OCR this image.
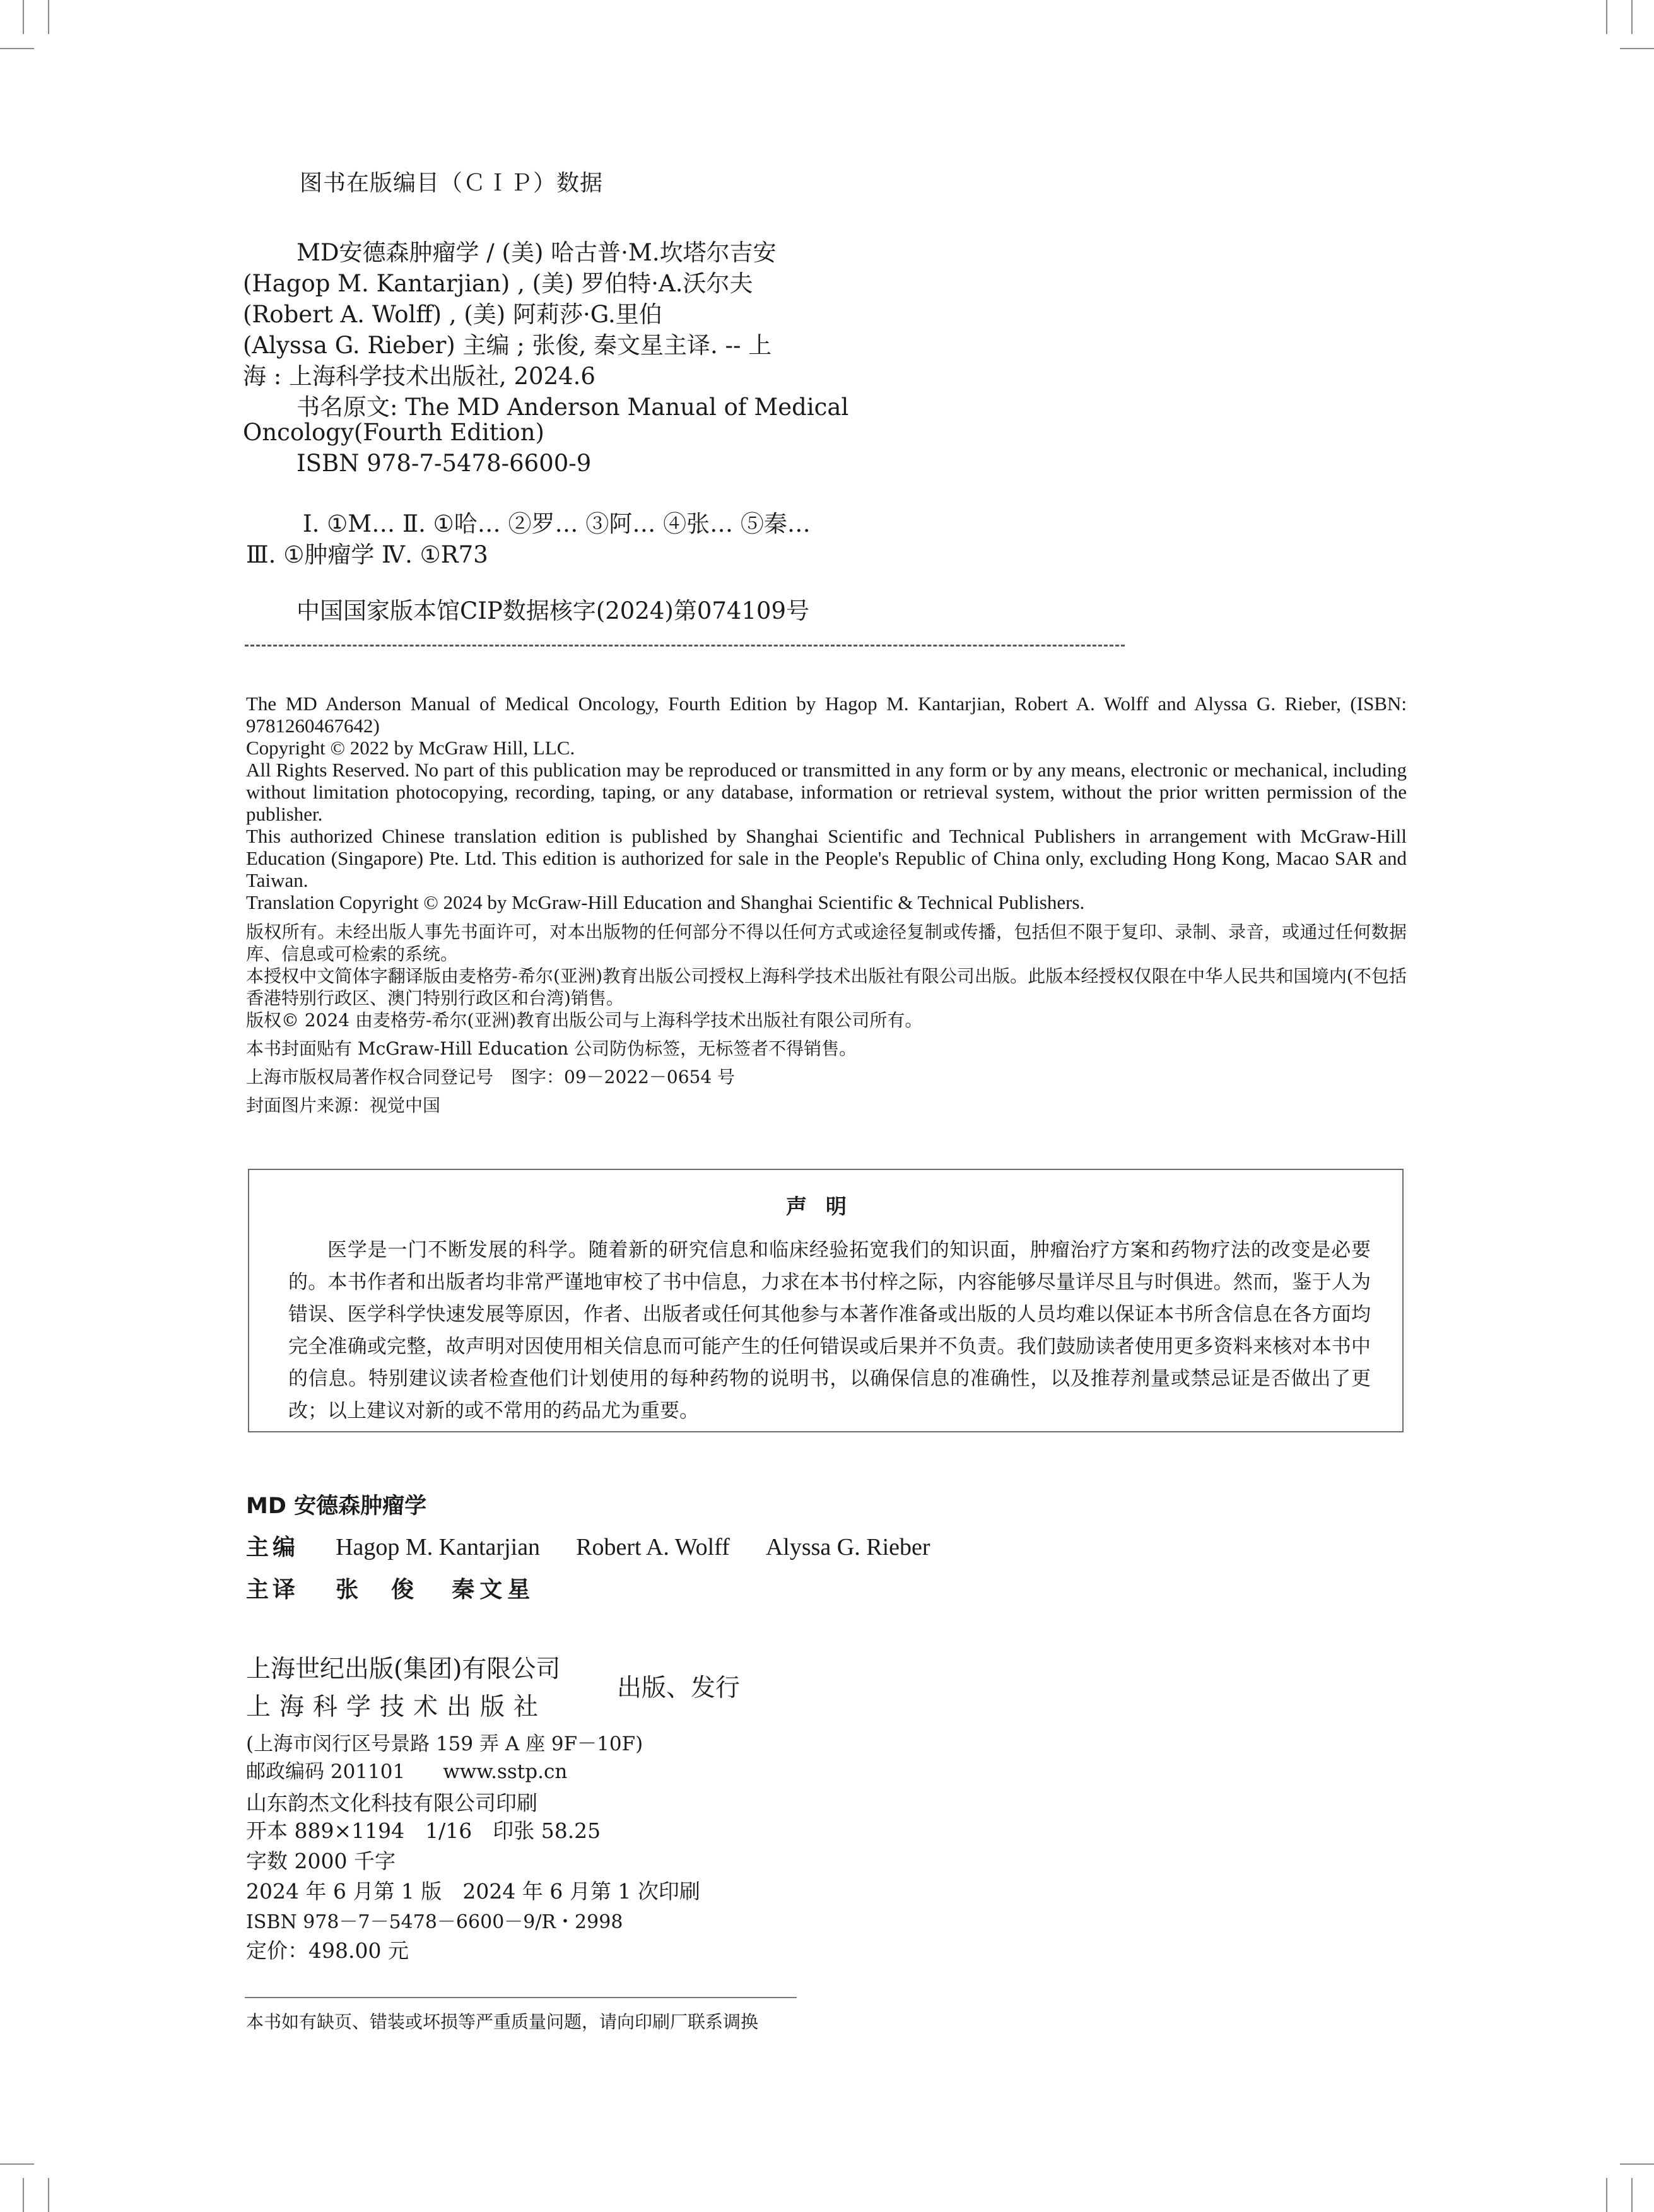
图书在版编目（ＣＩＰ）数据
MD安德森肿瘤学 / (美) 哈古普·M.坎塔尔吉安
(Hagop M. Kantarjian) , (美) 罗伯特·A.沃尔夫
(Robert A. Wolff) , (美) 阿莉莎·G.里伯
(Alyssa G. Rieber) 主编 ; 张俊, 秦文星主译. -- 上
海 : 上海科学技术出版社, 2024.6
书名原文: The MD Anderson Manual of Medical
Oncology(Fourth Edition)
ISBN 978-7-5478-6600-9
Ⅰ. ①M… Ⅱ. ①哈… ②罗… ③阿… ④张… ⑤秦…
Ⅲ. ①肿瘤学 Ⅳ. ①R73
中国国家版本馆CIP数据核字(2024)第074109号

The MD Anderson Manual of Medical Oncology, Fourth Edition by Hagop M. Kantarjian, Robert A. Wolff and Alyssa G. Rieber, (ISBN: 9781260467642)

Copyright © 2022 by McGraw Hill, LLC.

All Rights Reserved. No part of this publication may be reproduced or transmitted in any form or by any means, electronic or mechanical, including without limitation photocopying, recording, taping, or any database, information or retrieval system, without the prior written permission of the publisher.

This authorized Chinese translation edition is published by Shanghai Scientific and Technical Publishers in arrangement with McGraw-Hill Education (Singapore) Pte. Ltd. This edition is authorized for sale in the People's Republic of China only, excluding Hong Kong, Macao SAR and Taiwan.

Translation Copyright © 2024 by McGraw-Hill Education and Shanghai Scientific & Technical Publishers.

版权所有。未经出版人事先书面许可，对本出版物的任何部分不得以任何方式或途径复制或传播，包括但不限于复印、录制、录音，或通过任何数据库、信息或可检索的系统。

本授权中文简体字翻译版由麦格劳-希尔(亚洲)教育出版公司授权上海科学技术出版社有限公司出版。此版本经授权仅限在中华人民共和国境内(不包括香港特别行政区、澳门特别行政区和台湾)销售。

版权© 2024 由麦格劳-希尔(亚洲)教育出版公司与上海科学技术出版社有限公司所有。

本书封面贴有 McGraw-Hill Education 公司防伪标签，无标签者不得销售。

上海市版权局著作权合同登记号　图字：09－2022－0654 号

封面图片来源：视觉中国

声明

医学是一门不断发展的科学。随着新的研究信息和临床经验拓宽我们的知识面，肿瘤治疗方案和药物疗法的改变是必要的。本书作者和出版者均非常严谨地审校了书中信息，力求在本书付梓之际，内容能够尽量详尽且与时俱进。然而，鉴于人为错误、医学科学快速发展等原因，作者、出版者或任何其他参与本著作准备或出版的人员均难以保证本书所含信息在各方面均完全准确或完整，故声明对因使用相关信息而可能产生的任何错误或后果并不负责。我们鼓励读者使用更多资料来核对本书中的信息。特别建议读者检查他们计划使用的每种药物的说明书，以确保信息的准确性，以及推荐剂量或禁忌证是否做出了更改；以上建议对新的或不常用的药品尤为重要。

MD 安德森肿瘤学
主编 Hagop M. Kantarjian Robert A. Wolff Alyssa G. Rieber
主译 张　俊 秦文星
上海世纪出版(集团)有限公司
上海科学技术出版社
出版、发行
(上海市闵行区号景路 159 弄 A 座 9F－10F)
邮政编码 201101 www.sstp.cn
山东韵杰文化科技有限公司印刷
开本 889×1194　1/16　印张 58.25
字数 2000 千字
2024 年 6 月第 1 版　2024 年 6 月第 1 次印刷
ISBN 978－7－5478－6600－9/R・2998
定价：498.00 元
本书如有缺页、错装或坏损等严重质量问题，请向印刷厂联系调换
